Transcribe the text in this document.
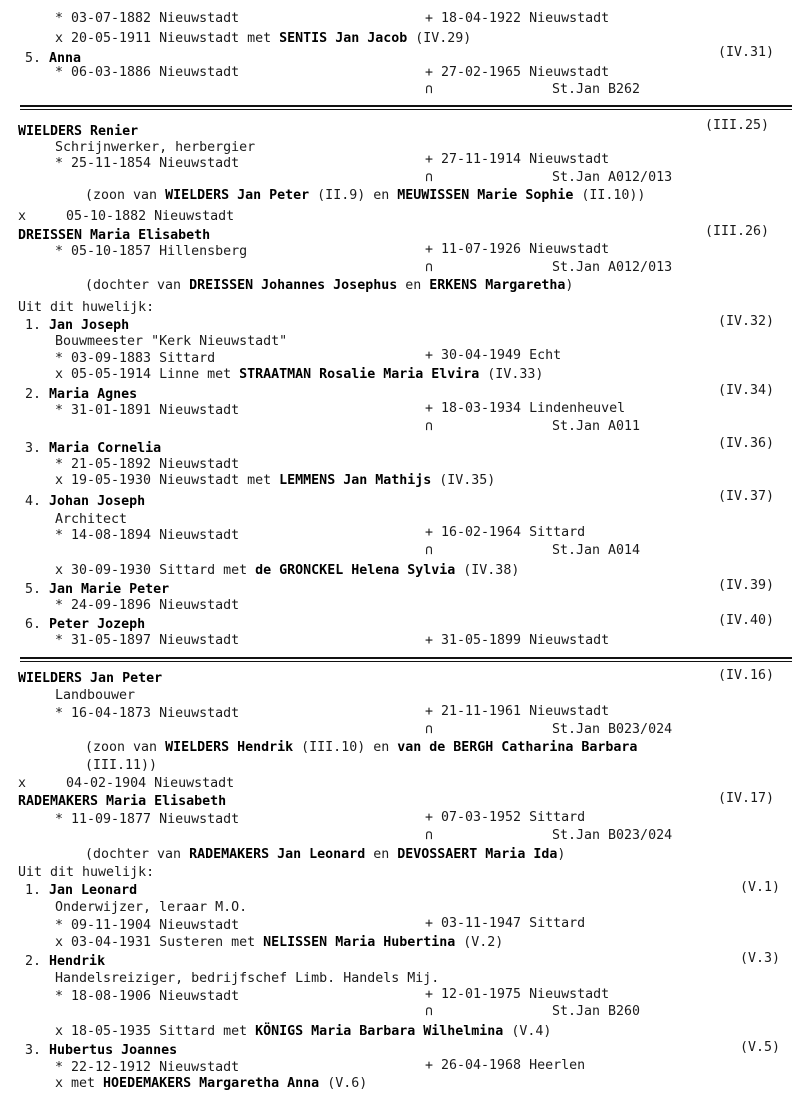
* 03-07-1882 Nieuwstadt	+ 18-04-1922 Nieuwstadt
x 20-05-1911 Nieuwstadt met SENTIS Jan Jacob (IV.29)
(IV.31)
5. Anna
* 06-03-1886 Nieuwstadt	+ 27-02-1965 Nieuwstadt
∩	St.Jan B262
(III.25)
WIELDERS Renier
Schrijnwerker, herbergier
* 25-11-1854 Nieuwstadt	+ 27-11-1914 Nieuwstadt
∩	St.Jan A012/013
(zoon van WIELDERS Jan Peter (II.9) en MEUWISSEN Marie Sophie (II.10))
x     05-10-1882 Nieuwstadt
(III.26)
DREISSEN Maria Elisabeth
* 05-10-1857 Hillensberg	+ 11-07-1926 Nieuwstadt
∩	St.Jan A012/013
(dochter van DREISSEN Johannes Josephus en ERKENS Margaretha)
Uit dit huwelijk:
(IV.32)
1. Jan Joseph
Bouwmeester "Kerk Nieuwstadt"
* 03-09-1883 Sittard	+ 30-04-1949 Echt
x 05-05-1914 Linne met STRAATMAN Rosalie Maria Elvira (IV.33)
(IV.34)
2. Maria Agnes
* 31-01-1891 Nieuwstadt	+ 18-03-1934 Lindenheuvel
∩	St.Jan A011
(IV.36)
3. Maria Cornelia
* 21-05-1892 Nieuwstadt
x 19-05-1930 Nieuwstadt met LEMMENS Jan Mathijs (IV.35)
(IV.37)
4. Johan Joseph
Architect
* 14-08-1894 Nieuwstadt	+ 16-02-1964 Sittard
∩	St.Jan A014
x 30-09-1930 Sittard met de GRONCKEL Helena Sylvia (IV.38)
(IV.39)
5. Jan Marie Peter
* 24-09-1896 Nieuwstadt
(IV.40)
6. Peter Jozeph
* 31-05-1897 Nieuwstadt	+ 31-05-1899 Nieuwstadt
(IV.16)
WIELDERS Jan Peter
Landbouwer
* 16-04-1873 Nieuwstadt	+ 21-11-1961 Nieuwstadt
∩	St.Jan B023/024
(zoon van WIELDERS Hendrik (III.10) en van de BERGH Catharina Barbara
(III.11))
x     04-02-1904 Nieuwstadt
(IV.17)
RADEMAKERS Maria Elisabeth
* 11-09-1877 Nieuwstadt	+ 07-03-1952 Sittard
∩	St.Jan B023/024
(dochter van RADEMAKERS Jan Leonard en DEVOSSAERT Maria Ida)
Uit dit huwelijk:
(V.1)
1. Jan Leonard
Onderwijzer, leraar M.O.
* 09-11-1904 Nieuwstadt	+ 03-11-1947 Sittard
x 03-04-1931 Susteren met NELISSEN Maria Hubertina (V.2)
(V.3)
2. Hendrik
Handelsreiziger, bedrijfschef Limb. Handels Mij.
* 18-08-1906 Nieuwstadt	+ 12-01-1975 Nieuwstadt
∩	St.Jan B260
x 18-05-1935 Sittard met KÖNIGS Maria Barbara Wilhelmina (V.4)
(V.5)
3. Hubertus Joannes
* 22-12-1912 Nieuwstadt	+ 26-04-1968 Heerlen
x met HOEDEMAKERS Margaretha Anna (V.6)
